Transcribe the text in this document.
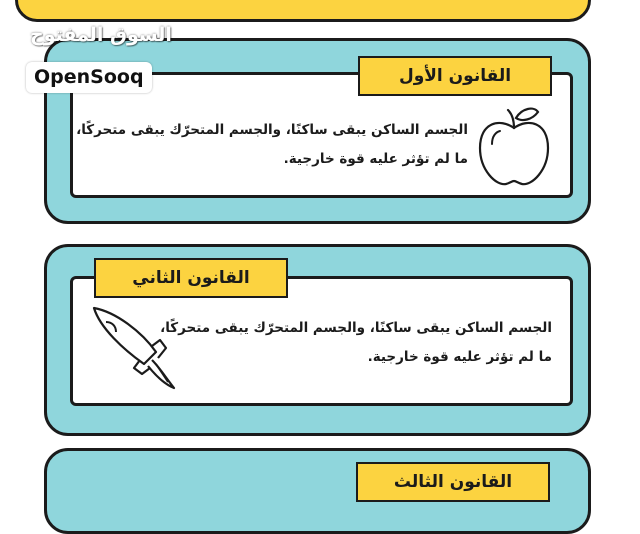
القانون الأول
الجسم الساكن يبقى ساكنًا، والجسم المتحرّك يبقى متحركًا،
ما لم تؤثر عليه قوة خارجية.
القانون الثاني
الجسم الساكن يبقى ساكنًا، والجسم المتحرّك يبقى متحركًا،
ما لم تؤثر عليه قوة خارجية.
القانون الثالث
السوق المفتوح
OpenSooq
